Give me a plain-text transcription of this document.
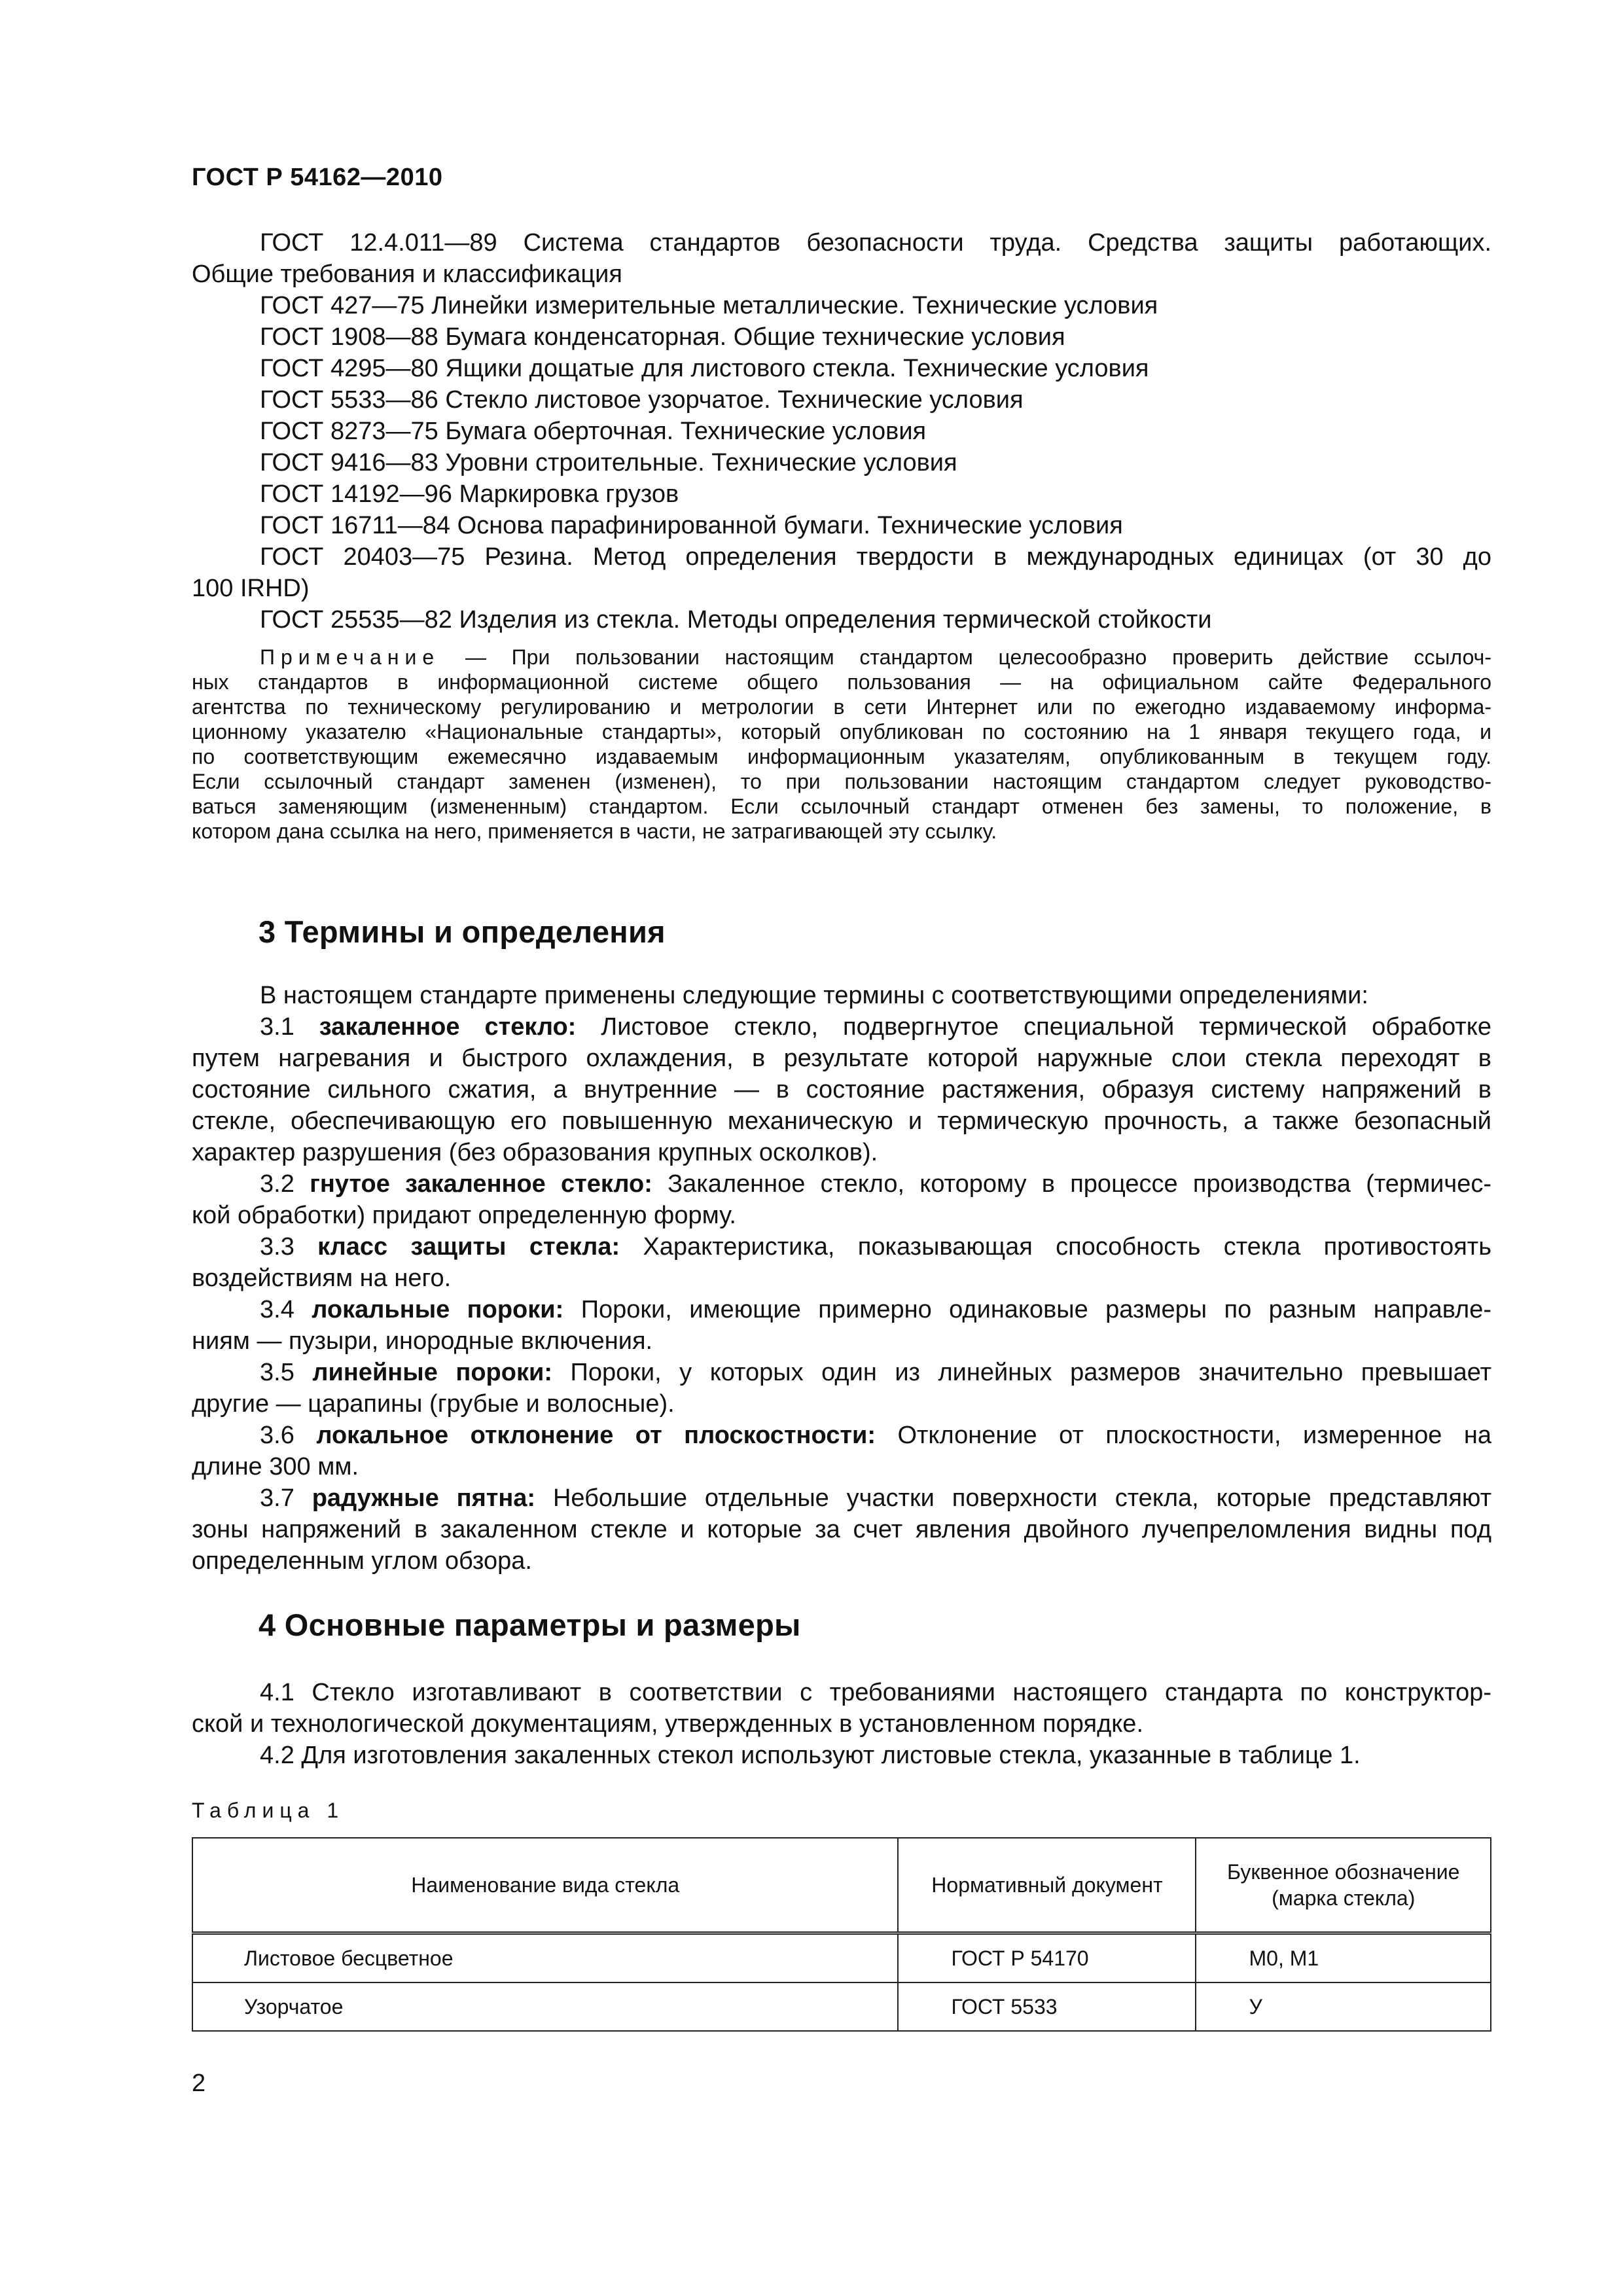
ГОСТ Р 54162—2010
ГОСТ 12.4.011—89 Система стандартов безопасности труда. Средства защиты работающих.
Общие требования и классификация
ГОСТ 427—75 Линейки измерительные металлические. Технические условия
ГОСТ 1908—88 Бумага конденсаторная. Общие технические условия
ГОСТ 4295—80 Ящики дощатые для листового стекла. Технические условия
ГОСТ 5533—86 Стекло листовое узорчатое. Технические условия
ГОСТ 8273—75 Бумага оберточная. Технические условия
ГОСТ 9416—83 Уровни строительные. Технические условия
ГОСТ 14192—96 Маркировка грузов
ГОСТ 16711—84 Основа парафинированной бумаги. Технические условия
ГОСТ 20403—75 Резина. Метод определения твердости в международных единицах (от 30 до
100 IRHD)
ГОСТ 25535—82 Изделия из стекла. Методы определения термической стойкости
Примечание — При пользовании настоящим стандартом целесообразно проверить действие ссылоч-
ных стандартов в информационной системе общего пользования — на официальном сайте Федерального
агентства по техническому регулированию и метрологии в сети Интернет или по ежегодно издаваемому информа-
ционному указателю «Национальные стандарты», который опубликован по состоянию на 1 января текущего года, и
по соответствующим ежемесячно издаваемым информационным указателям, опубликованным в текущем году.
Если ссылочный стандарт заменен (изменен), то при пользовании настоящим стандартом следует руководство-
ваться заменяющим (измененным) стандартом. Если ссылочный стандарт отменен без замены, то положение, в
котором дана ссылка на него, применяется в части, не затрагивающей эту ссылку.
3 Термины и определения
В настоящем стандарте применены следующие термины с соответствующими определениями:
3.1 закаленное стекло: Листовое стекло, подвергнутое специальной термической обработке
путем нагревания и быстрого охлаждения, в результате которой наружные слои стекла переходят в
состояние сильного сжатия, а внутренние — в состояние растяжения, образуя систему напряжений в
стекле, обеспечивающую его повышенную механическую и термическую прочность, а также безопасный
характер разрушения (без образования крупных осколков).
3.2 гнутое закаленное стекло: Закаленное стекло, которому в процессе производства (термичес-
кой обработки) придают определенную форму.
3.3 класс защиты стекла: Характеристика, показывающая способность стекла противостоять
воздействиям на него.
3.4 локальные пороки: Пороки, имеющие примерно одинаковые размеры по разным направле-
ниям — пузыри, инородные включения.
3.5 линейные пороки: Пороки, у которых один из линейных размеров значительно превышает
другие — царапины (грубые и волосные).
3.6 локальное отклонение от плоскостности: Отклонение от плоскостности, измеренное на
длине 300 мм.
3.7 радужные пятна: Небольшие отдельные участки поверхности стекла, которые представляют
зоны напряжений в закаленном стекле и которые за счет явления двойного лучепреломления видны под
определенным углом обзора.
4 Основные параметры и размеры
4.1 Стекло изготавливают в соответствии с требованиями настоящего стандарта по конструктор-
ской и технологической документациям, утвержденных в установленном порядке.
4.2 Для изготовления закаленных стекол используют листовые стекла, указанные в таблице 1.
Таблица 1
Наименование вида стекла	Нормативный документ	Буквенное обозначение
(марка стекла)
Листовое бесцветное	ГОСТ Р 54170	М0, М1
Узорчатое	ГОСТ 5533	У
2
